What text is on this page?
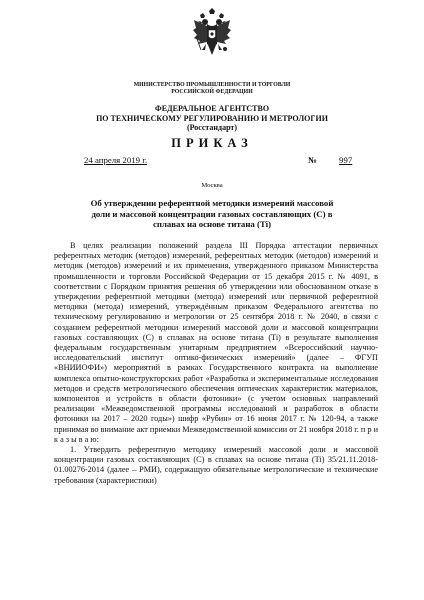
МИНИСТЕРСТВО ПРОМЫШЛЕННОСТИ И ТОРГОВЛИ
РОССИЙСКОЙ ФЕДЕРАЦИИ
ФЕДЕРАЛЬНОЕ АГЕНТСТВО
ПО ТЕХНИЧЕСКОМУ РЕГУЛИРОВАНИЮ И МЕТРОЛОГИИ
(Росстандарт)
ПРИКАЗ
24 апреля 2019 г.	№	997
Москва
Об утверждении референтной методики измерений массовой доли и массовой концентрации газовых составляющих (С) в сплавах на основе титана (Ti)

В целях реализации положений раздела III Порядка аттестации первичных референтных методик (методов) измерений, референтных методик (методов) измерений и методик (методов) измерений и их применения, утвержденного приказом Министерства промышленности и торговли Российской Федерации от 15 декабря 2015 г. № 4091, в соответствии с Порядком принятия решения об утверждении или обоснованном отказе в утверждении референтной методики (метода) измерений или первичной референтной методики (метода) измерений, утверждённым приказом Федерального агентства по техническому регулированию и метрологии от 25 сентября 2018 г. № 2040, в связи с созданием референтной методики измерений массовой доли и массовой концентрации газовых составляющих (С) в сплавах на основе титана (Ti) в результате выполнения федеральным государственным унитарным предприятием «Всероссийский научно-исследовательский институт оптико-физических измерений» (далее – ФГУП «ВНИИОФИ») мероприятий в рамках Государственного контракта на выполнение комплекса опытно-конструкторских работ «Разработка и экспериментальные исследования методов и средств метрологического обеспечения оптических характеристик материалов, компонентов и устройств в области фотоники» (с учетом основных направлений реализации «Межведомственной программы исследований и разработок в области фотоники на 2017 – 2020 годы») шифр «Рубин» от 16 июня 2017 г. № 120-94, а также принимая во внимание акт приемки Межведомственной комиссии от 21 ноября 2018 г. п р и к а з ы в а ю:

1. Утвердить референтную методику измерений массовой доли и массовой концентрации газовых составляющих (С) в сплавах на основе титана (Ti) 35/21.11.2018-01.00276-2014 (далее – РМИ), содержащую обязательные метрологические и технические требования (характеристики)
